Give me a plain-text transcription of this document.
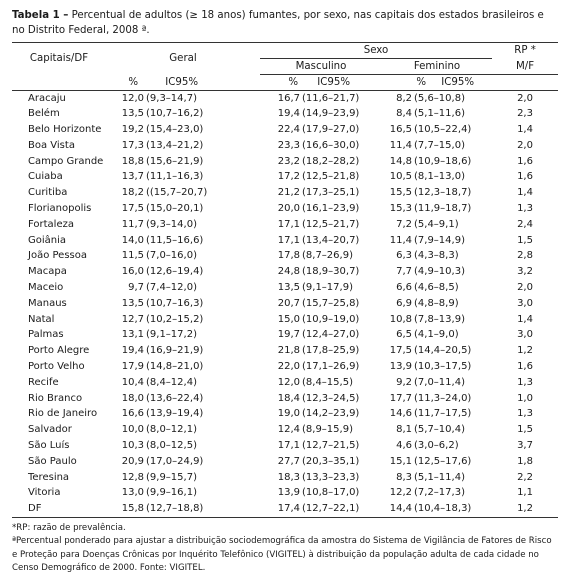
Tabela 1 – Percentual de adultos (≥ 18 anos) fumantes, por sexo, nas capitais dos estados brasileiros e no Distrito Federal, 2008 ª.

Capitais/DF	Geral	Sexo		RP *
		Masculino	Feminino	M/F
	% IC95%	% IC95%	% IC95%	
Aracaju	12,0 (9,3–14,7)	16,7 (11,6–21,7)	8,2 (5,6–10,8)	2,0
Belém	13,5 (10,7–16,2)	19,4 (14,9–23,9)	8,4 (5,1–11,6)	2,3
Belo Horizonte	19,2 (15,4–23,0)	22,4 (17,9–27,0)	16,5 (10,5–22,4)	1,4
Boa Vista	17,3 (13,4–21,2)	23,3 (16,6–30,0)	11,4 (7,7–15,0)	2,0
Campo Grande	18,8 (15,6–21,9)	23,2 (18,2–28,2)	14,8 (10,9–18,6)	1,6
Cuiaba	13,7 (11,1–16,3)	17,2 (12,5–21,8)	10,5 (8,1–13,0)	1,6
Curitiba	18,2 ((15,7–20,7)	21,2 (17,3–25,1)	15,5 (12,3–18,7)	1,4
Florianopolis	17,5 (15,0–20,1)	20,0 (16,1–23,9)	15,3 (11,9–18,7)	1,3
Fortaleza	11,7 (9,3–14,0)	17,1 (12,5–21,7)	7,2 (5,4–9,1)	2,4
Goiânia	14,0 (11,5–16,6)	17,1 (13,4–20,7)	11,4 (7,9–14,9)	1,5
João Pessoa	11,5 (7,0–16,0)	17,8 (8,7–26,9)	6,3 (4,3–8,3)	2,8
Macapa	16,0 (12,6–19,4)	24,8 (18,9–30,7)	7,7 (4,9–10,3)	3,2
Maceio	9,7 (7,4–12,0)	13,5 (9,1–17,9)	6,6 (4,6–8,5)	2,0
Manaus	13,5 (10,7–16,3)	20,7 (15,7–25,8)	6,9 (4,8–8,9)	3,0
Natal	12,7 (10,2–15,2)	15,0 (10,9–19,0)	10,8 (7,8–13,9)	1,4
Palmas	13,1 (9,1–17,2)	19,7 (12,4–27,0)	6,5 (4,1–9,0)	3,0
Porto Alegre	19,4 (16,9–21,9)	21,8 (17,8–25,9)	17,5 (14,4–20,5)	1,2
Porto Velho	17,9 (14,8–21,0)	22,0 (17,1–26,9)	13,9 (10,3–17,5)	1,6
Recife	10,4 (8,4–12,4)	12,0 (8,4–15,5)	9,2 (7,0–11,4)	1,3
Rio Branco	18,0 (13,6–22,4)	18,4 (12,3–24,5)	17,7 (11,3–24,0)	1,0
Rio de Janeiro	16,6 (13,9–19,4)	19,0 (14,2–23,9)	14,6 (11,7–17,5)	1,3
Salvador	10,0 (8,0–12,1)	12,4 (8,9–15,9)	8,1 (5,7–10,4)	1,5
São Luís	10,3 (8,0–12,5)	17,1 (12,7–21,5)	4,6 (3,0–6,2)	3,7
São Paulo	20,9 (17,0–24,9)	27,7 (20,3–35,1)	15,1 (12,5–17,6)	1,8
Teresina	12,8 (9,9–15,7)	18,3 (13,3–23,3)	8,3 (5,1–11,4)	2,2
Vitoria	13,0 (9,9–16,1)	13,9 (10,8–17,0)	12,2 (7,2–17,3)	1,1
DF	15,8 (12,7–18,8)	17,4 (12,7–22,1)	14,4 (10,4–18,3)	1,2

*RP: razão de prevalência.

ªPercentual ponderado para ajustar a distribuição sociodemográfica da amostra do Sistema de Vigilância de Fatores de Risco e Proteção para Doenças Crônicas por Inquérito Telefônico (VIGITEL) à distribuição da população adulta de cada cidade no Censo Demográfico de 2000. Fonte: VIGITEL.
